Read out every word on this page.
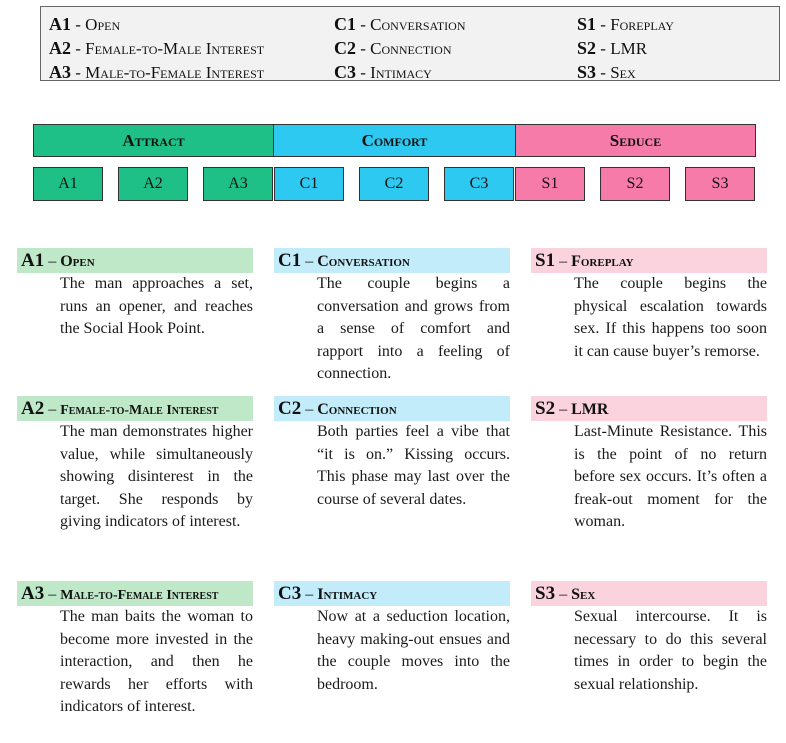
A1 - Open
A2 - Female-to-Male Interest
A3 - Male-to-Female Interest
C1 - Conversation
C2 - Connection
C3 - Intimacy
S1 - Foreplay
S2 - LMR
S3 - Sex
Attract	Comfort	Seduce
A1	A2	A3	C1	C2	C3	S1	S2	S3
A1 – Open
The man approaches a set, runs an opener, and reaches the Social Hook Point.
C1 – Conversation
The couple begins a conversation and grows from a sense of comfort and rapport into a feeling of connection.
S1 – Foreplay
The couple begins the physical escalation towards sex. If this happens too soon it can cause buyer’s remorse.
A2 – Female-to-Male Interest
The man demonstrates higher value, while simultaneously showing disinterest in the target. She responds by giving indicators of interest.
C2 – Connection
Both parties feel a vibe that “it is on.” Kissing occurs. This phase may last over the course of several dates.
S2 – LMR
Last-Minute Resistance. This is the point of no return before sex occurs. It’s often a freak-out moment for the woman.
A3 – Male-to-Female Interest
The man baits the woman to become more invested in the interaction, and then he rewards her efforts with indicators of interest.
C3 – Intimacy
Now at a seduction location, heavy making-out ensues and the couple moves into the bedroom.
S3 – Sex
Sexual intercourse. It is necessary to do this several times in order to begin the sexual relationship.
